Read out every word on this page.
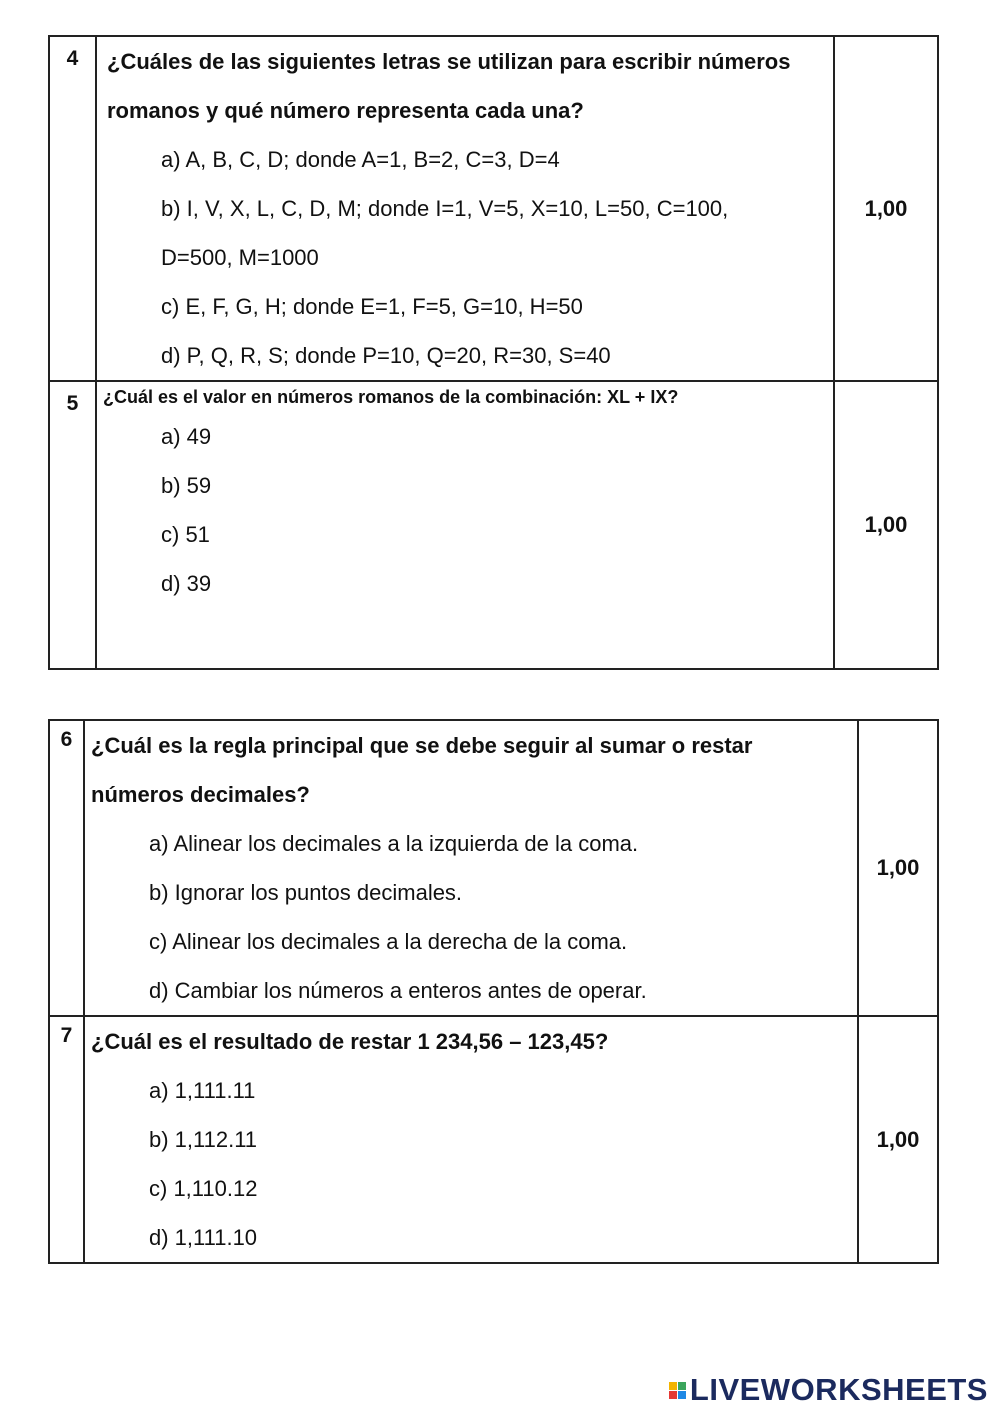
4	¿Cuáles de las siguientes letras se utilizan para escribir números romanos y qué número representa cada una?
a) A, B, C, D; donde A=1, B=2, C=3, D=4
b) I, V, X, L, C, D, M; donde I=1, V=5, X=10, L=50, C=100, D=500, M=1000
c) E, F, G, H; donde E=1, F=5, G=10, H=50
d) P, Q, R, S; donde P=10, Q=20, R=30, S=40	1,00
5	¿Cuál es el valor en números romanos de la combinación: XL + IX?
a) 49
b) 59
c) 51
d) 39	1,00
6	¿Cuál es la regla principal que se debe seguir al sumar o restar números decimales?
a) Alinear los decimales a la izquierda de la coma.
b) Ignorar los puntos decimales.
c) Alinear los decimales a la derecha de la coma.
d) Cambiar los números a enteros antes de operar.	1,00
7	¿Cuál es el resultado de restar 1 234,56 – 123,45?
a) 1,111.11
b) 1,112.11
c) 1,110.12
d) 1,111.10	1,00
LIVEWORKSHEETS
